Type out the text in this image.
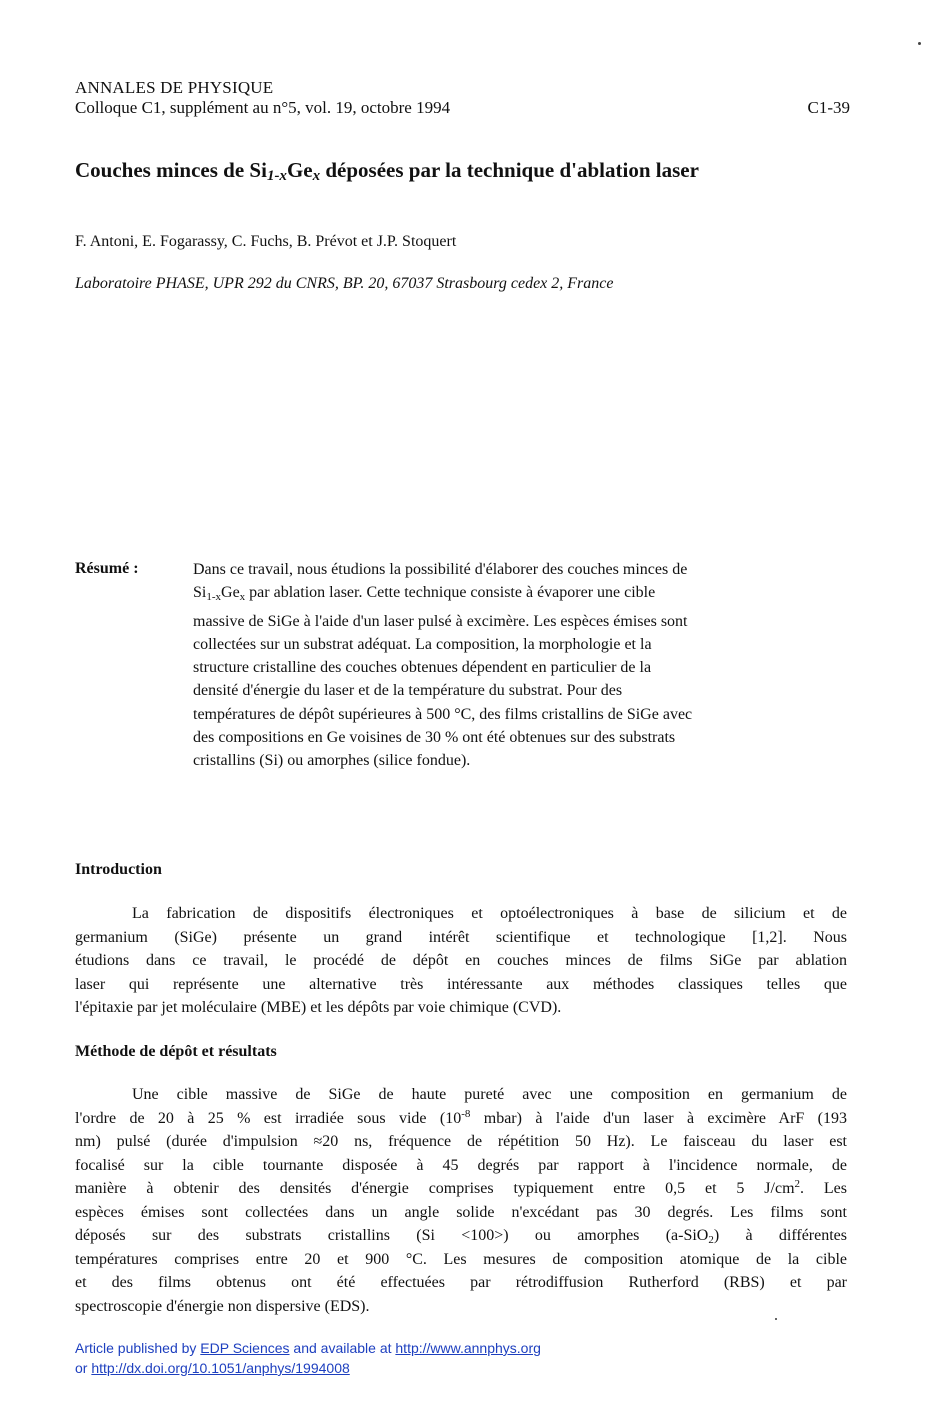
ANNALES DE PHYSIQUE
Colloque C1, supplément au n°5, vol. 19, octobre 1994	C1-39
Couches minces de $Si_{1-x}Ge_x$ déposées par la technique d'ablation laser
F. Antoni, E. Fogarassy, C. Fuchs, B. Prévot et J.P. Stoquert
Laboratoire PHASE, UPR 292 du CNRS, BP. 20, 67037 Strasbourg cedex 2, France
Résumé :	Dans ce travail, nous étudions la possibilité d'élaborer des couches minces de
$Si_{1-x}Ge_x$ par ablation laser. Cette technique consiste à évaporer une cible
massive de SiGe à l'aide d'un laser pulsé à excimère. Les espèces émises sont
collectées sur un substrat adéquat. La composition, la morphologie et la
structure cristalline des couches obtenues dépendent en particulier de la
densité d'énergie du laser et de la température du substrat. Pour des
températures de dépôt supérieures à 500 °C, des films cristallins de SiGe avec
des compositions en Ge voisines de 30 % ont été obtenues sur des substrats
cristallins (Si) ou amorphes (silice fondue).
Introduction
La fabrication de dispositifs électroniques et optoélectroniques à base de silicium et de
germanium (SiGe) présente un grand intérêt scientifique et technologique [1,2]. Nous
étudions dans ce travail, le procédé de dépôt en couches minces de films SiGe par ablation
laser qui représente une alternative très intéressante aux méthodes classiques telles que
l'épitaxie par jet moléculaire (MBE) et les dépôts par voie chimique (CVD).
Méthode de dépôt et résultats
Une cible massive de SiGe de haute pureté avec une composition en germanium de
l'ordre de 20 à 25 % est irradiée sous vide ($10^{-8}$ mbar) à l'aide d'un laser à excimère ArF (193
nm) pulsé (durée d'impulsion ≈20 ns, fréquence de répétition 50 Hz). Le faisceau du laser est
focalisé sur la cible tournante disposée à 45 degrés par rapport à l'incidence normale, de
manière à obtenir des densités d'énergie comprises typiquement entre 0,5 et 5 $J/cm^2$. Les
espèces émises sont collectées dans un angle solide n'excédant pas 30 degrés. Les films sont
déposés sur des substrats cristallins (Si <100>) ou amorphes (a-SiO$_2$) à différentes
températures comprises entre 20 et 900 °C. Les mesures de composition atomique de la cible
et des films obtenus ont été effectuées par rétrodiffusion Rutherford (RBS) et par
spectroscopie d'énergie non dispersive (EDS).
Article published by EDP Sciences and available at http://www.annphys.org
or http://dx.doi.org/10.1051/anphys/1994008
